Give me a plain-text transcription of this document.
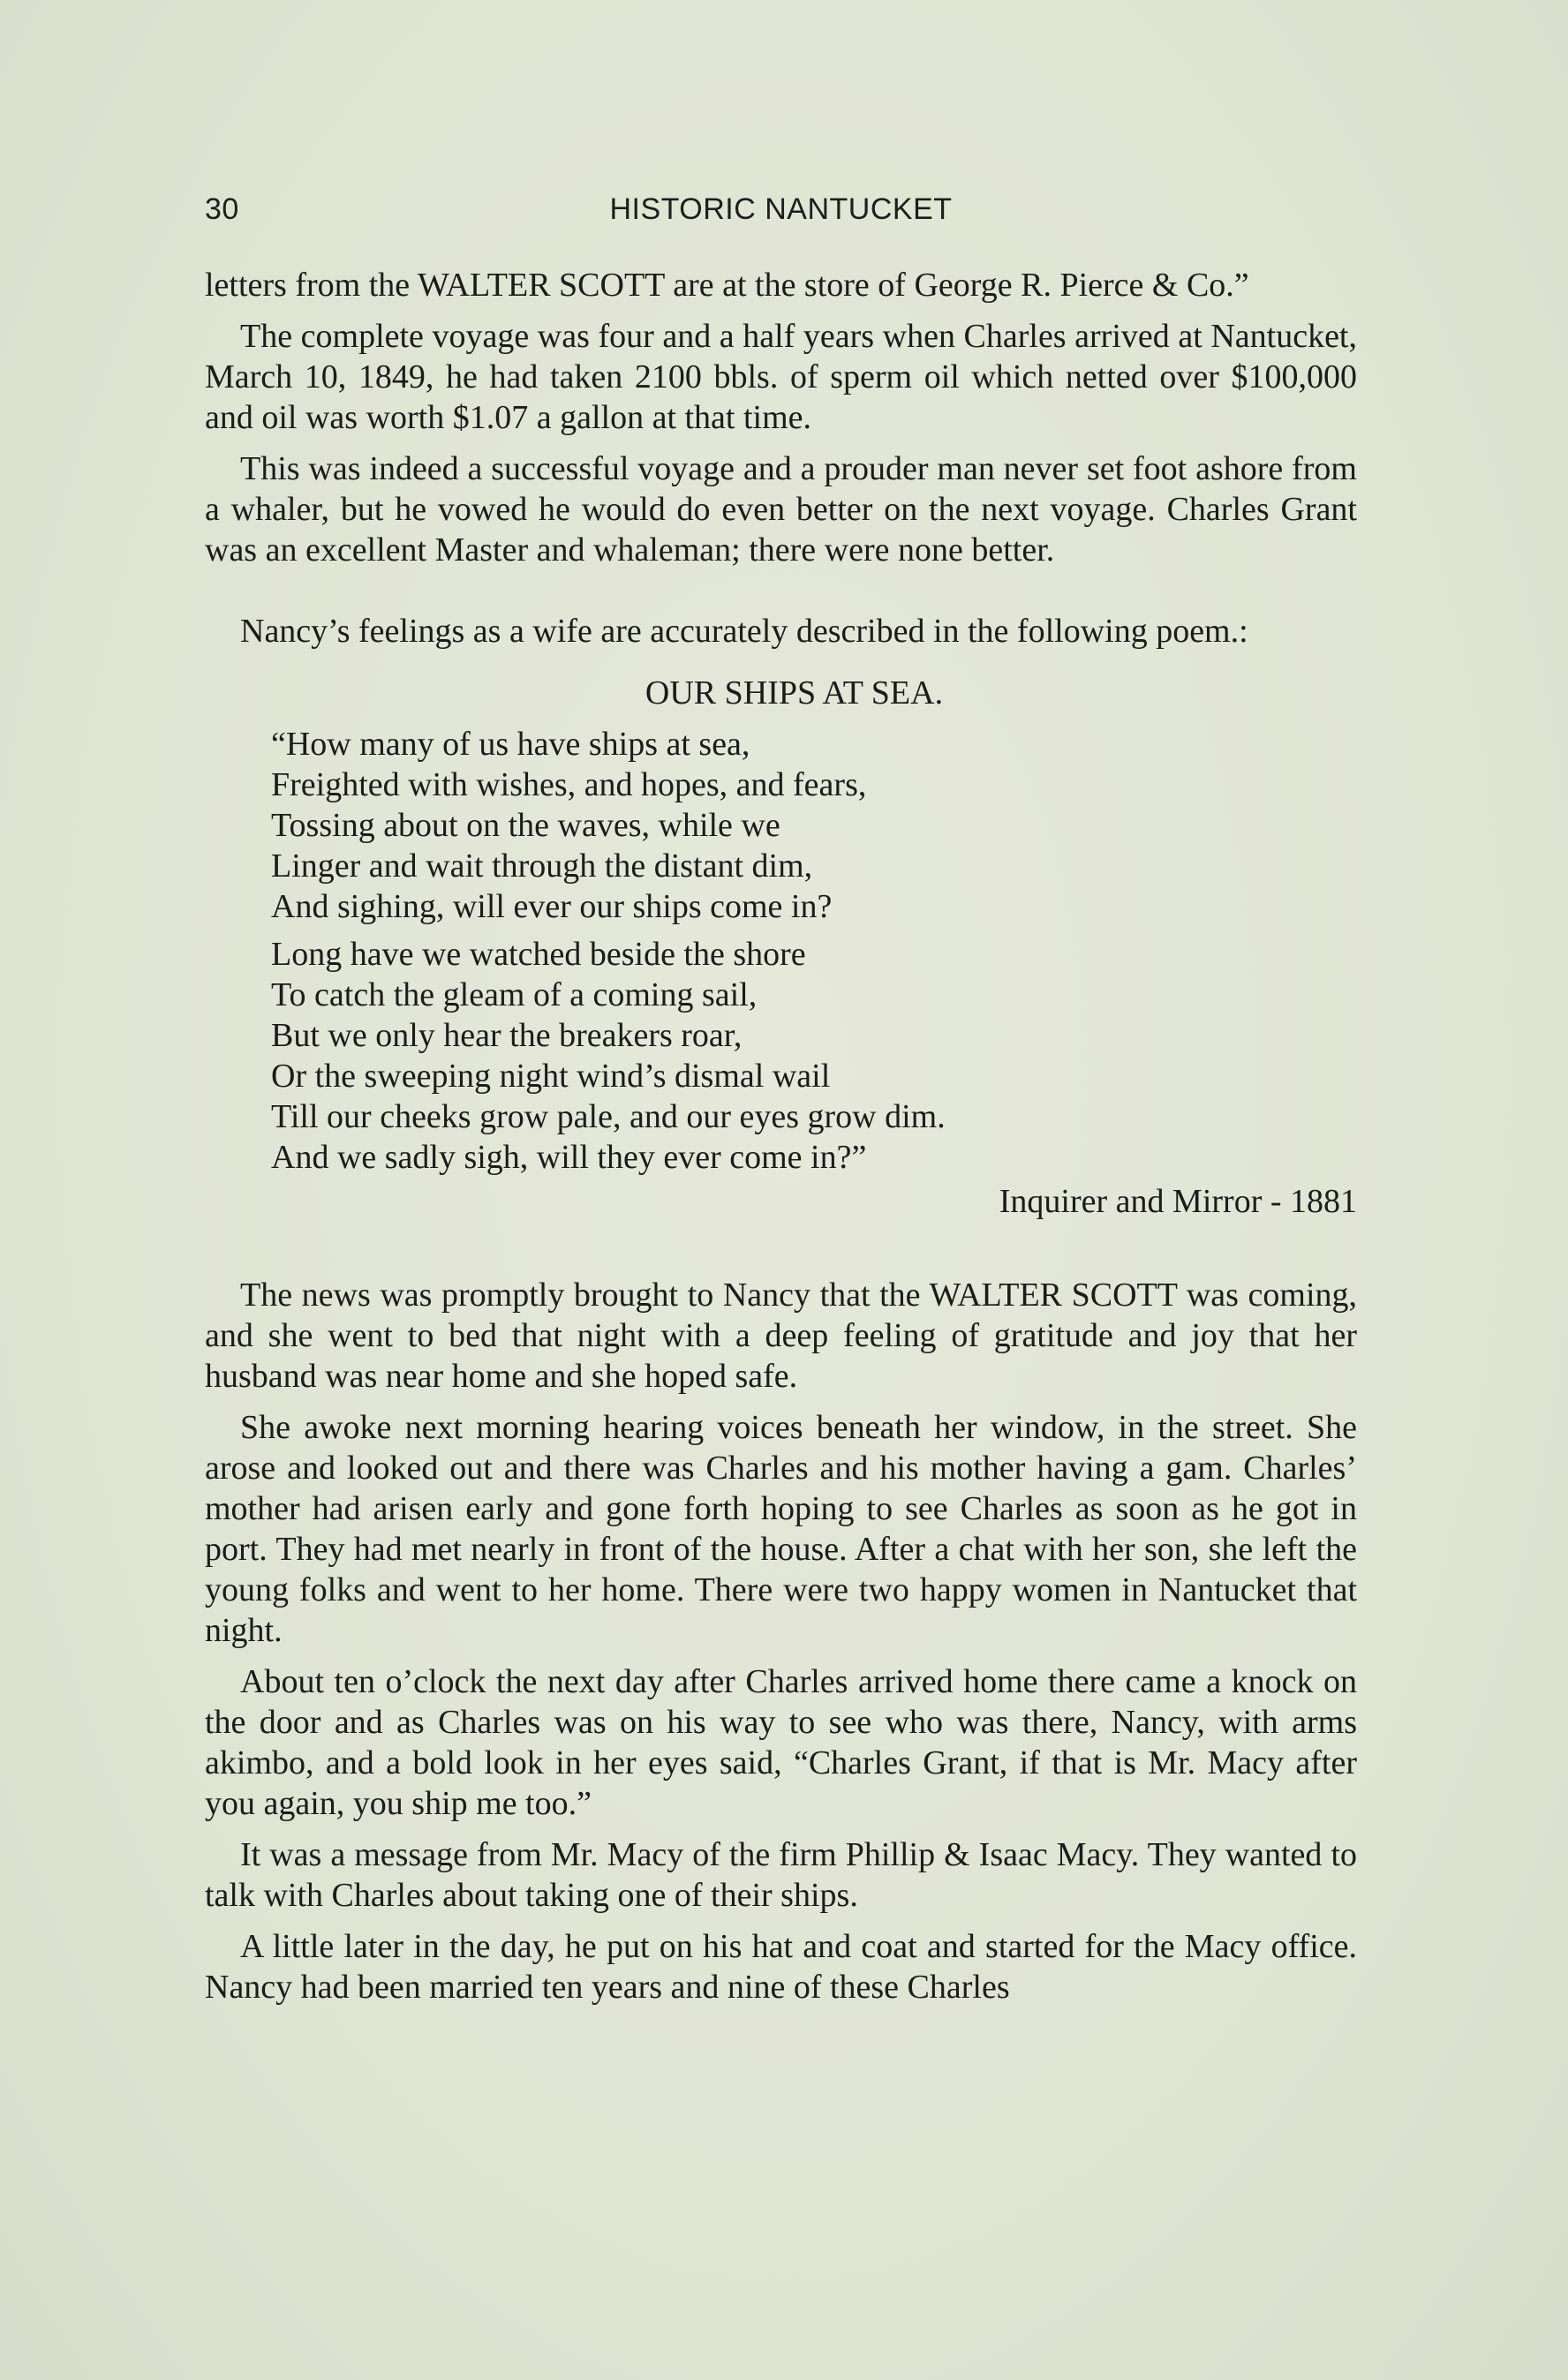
30	HISTORIC NANTUCKET

letters from the WALTER SCOTT are at the store of George R. Pierce & Co.”

The complete voyage was four and a half years when Charles arrived at Nantucket, March 10, 1849, he had taken 2100 bbls. of sperm oil which netted over $100,000 and oil was worth $1.07 a gallon at that time.

This was indeed a successful voyage and a prouder man never set foot ashore from a whaler, but he vowed he would do even better on the next voyage. Charles Grant was an excellent Master and whaleman; there were none better.

Nancy’s feelings as a wife are accurately described in the following poem.:

OUR SHIPS AT SEA.

“How many of us have ships at sea,
Freighted with wishes, and hopes, and fears,
Tossing about on the waves, while we
Linger and wait through the distant dim,
And sighing, will ever our ships come in?
Long have we watched beside the shore
To catch the gleam of a coming sail,
But we only hear the breakers roar,
Or the sweeping night wind’s dismal wail
Till our cheeks grow pale, and our eyes grow dim.
And we sadly sigh, will they ever come in?”

Inquirer and Mirror - 1881

The news was promptly brought to Nancy that the WALTER SCOTT was coming, and she went to bed that night with a deep feeling of gratitude and joy that her husband was near home and she hoped safe.

She awoke next morning hearing voices beneath her window, in the street. She arose and looked out and there was Charles and his mother having a gam. Charles’ mother had arisen early and gone forth hoping to see Charles as soon as he got in port. They had met nearly in front of the house. After a chat with her son, she left the young folks and went to her home. There were two happy women in Nantucket that night.

About ten o’clock the next day after Charles arrived home there came a knock on the door and as Charles was on his way to see who was there, Nancy, with arms akimbo, and a bold look in her eyes said, “Charles Grant, if that is Mr. Macy after you again, you ship me too.”

It was a message from Mr. Macy of the firm Phillip & Isaac Macy. They wanted to talk with Charles about taking one of their ships.

A little later in the day, he put on his hat and coat and started for the Macy office. Nancy had been married ten years and nine of these Charles
